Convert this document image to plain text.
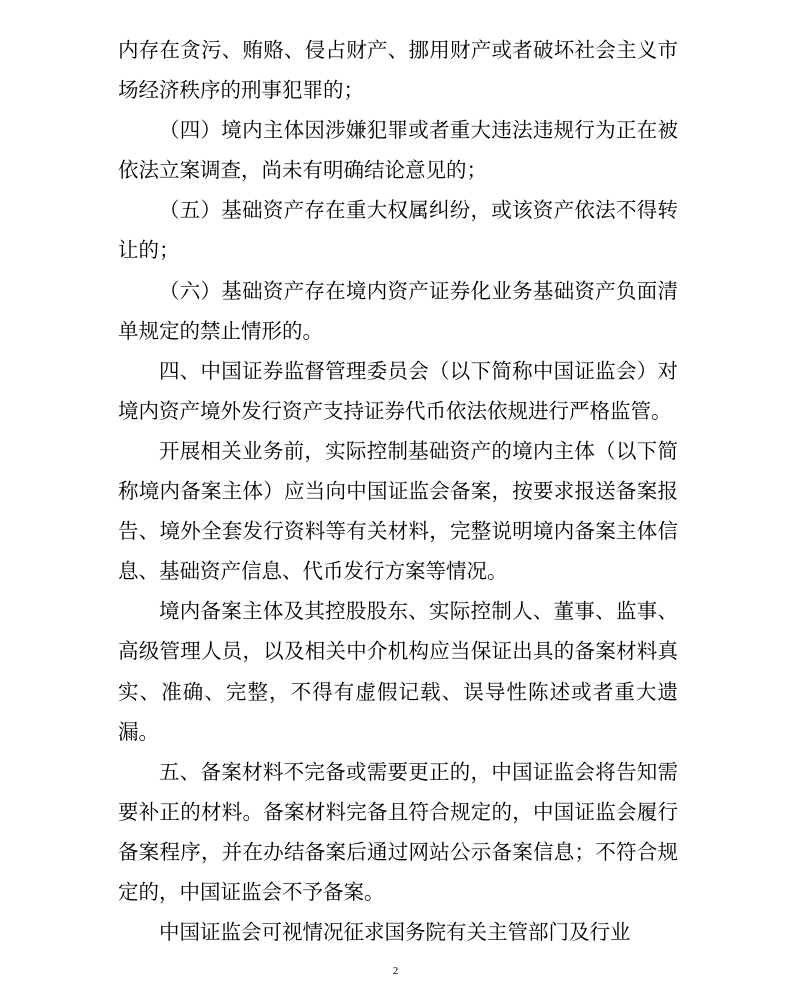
内存在贪污、贿赂、侵占财产、挪用财产或者破坏社会主义市场经济秩序的刑事犯罪的；

（四）境内主体因涉嫌犯罪或者重大违法违规行为正在被依法立案调查，尚未有明确结论意见的；

（五）基础资产存在重大权属纠纷，或该资产依法不得转让的；

（六）基础资产存在境内资产证券化业务基础资产负面清单规定的禁止情形的。

四、中国证券监督管理委员会（以下简称中国证监会）对境内资产境外发行资产支持证券代币依法依规进行严格监管。

开展相关业务前，实际控制基础资产的境内主体（以下简称境内备案主体）应当向中国证监会备案，按要求报送备案报告、境外全套发行资料等有关材料，完整说明境内备案主体信息、基础资产信息、代币发行方案等情况。

境内备案主体及其控股股东、实际控制人、董事、监事、高级管理人员，以及相关中介机构应当保证出具的备案材料真实、准确、完整，不得有虚假记载、误导性陈述或者重大遗漏。

五、备案材料不完备或需要更正的，中国证监会将告知需要补正的材料。备案材料完备且符合规定的，中国证监会履行备案程序，并在办结备案后通过网站公示备案信息；不符合规定的，中国证监会不予备案。

中国证监会可视情况征求国务院有关主管部门及行业

2
